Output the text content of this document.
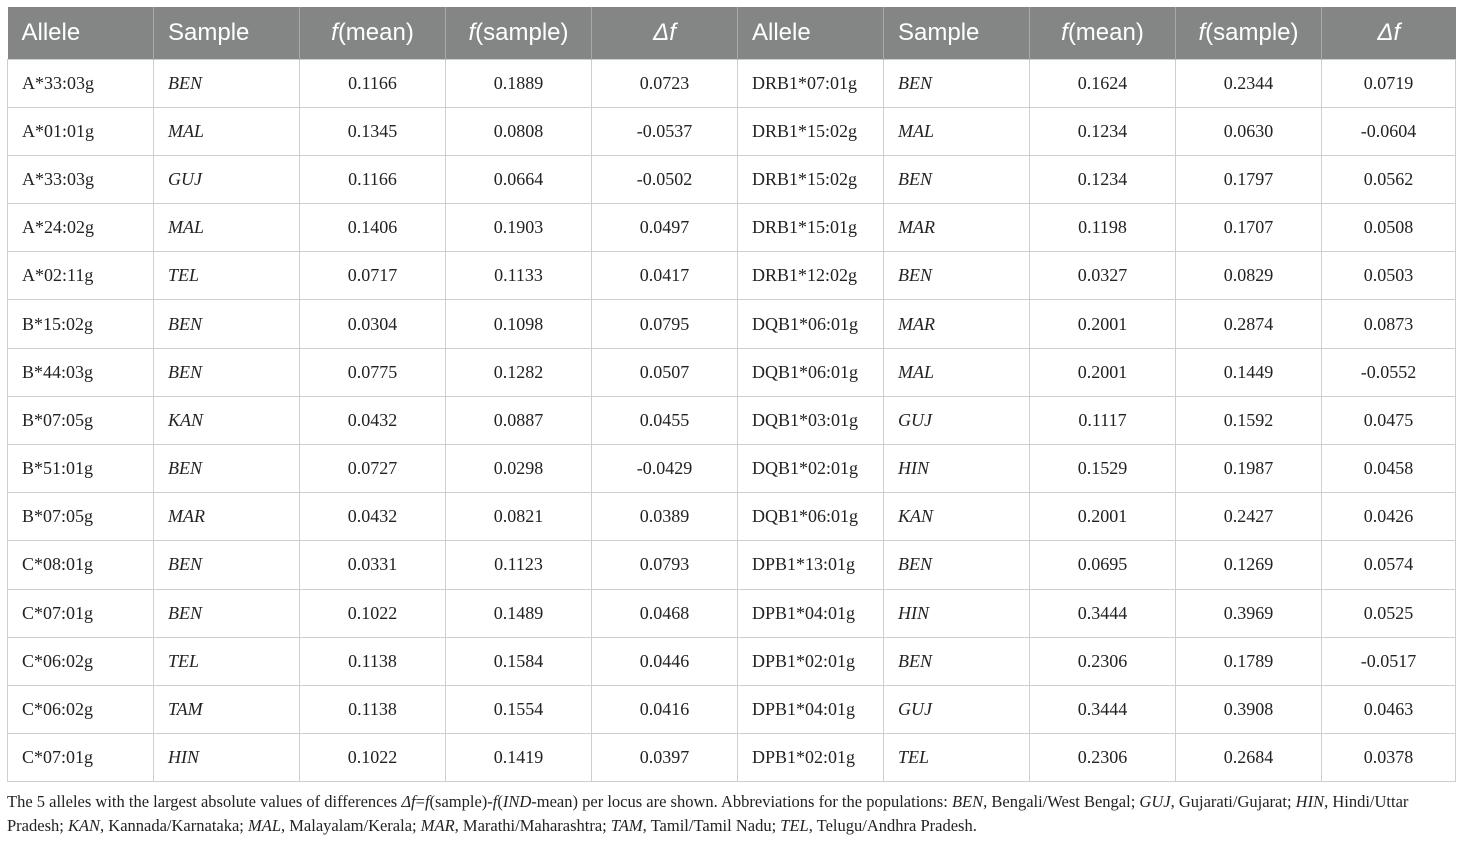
Allele	Sample	f(mean)	f(sample)	Δf	Allele	Sample	f(mean)	f(sample)	Δf
A*33:03g	BEN	0.1166	0.1889	0.0723	DRB1*07:01g	BEN	0.1624	0.2344	0.0719
A*01:01g	MAL	0.1345	0.0808	-0.0537	DRB1*15:02g	MAL	0.1234	0.0630	-0.0604
A*33:03g	GUJ	0.1166	0.0664	-0.0502	DRB1*15:02g	BEN	0.1234	0.1797	0.0562
A*24:02g	MAL	0.1406	0.1903	0.0497	DRB1*15:01g	MAR	0.1198	0.1707	0.0508
A*02:11g	TEL	0.0717	0.1133	0.0417	DRB1*12:02g	BEN	0.0327	0.0829	0.0503
B*15:02g	BEN	0.0304	0.1098	0.0795	DQB1*06:01g	MAR	0.2001	0.2874	0.0873
B*44:03g	BEN	0.0775	0.1282	0.0507	DQB1*06:01g	MAL	0.2001	0.1449	-0.0552
B*07:05g	KAN	0.0432	0.0887	0.0455	DQB1*03:01g	GUJ	0.1117	0.1592	0.0475
B*51:01g	BEN	0.0727	0.0298	-0.0429	DQB1*02:01g	HIN	0.1529	0.1987	0.0458
B*07:05g	MAR	0.0432	0.0821	0.0389	DQB1*06:01g	KAN	0.2001	0.2427	0.0426
C*08:01g	BEN	0.0331	0.1123	0.0793	DPB1*13:01g	BEN	0.0695	0.1269	0.0574
C*07:01g	BEN	0.1022	0.1489	0.0468	DPB1*04:01g	HIN	0.3444	0.3969	0.0525
C*06:02g	TEL	0.1138	0.1584	0.0446	DPB1*02:01g	BEN	0.2306	0.1789	-0.0517
C*06:02g	TAM	0.1138	0.1554	0.0416	DPB1*04:01g	GUJ	0.3444	0.3908	0.0463
C*07:01g	HIN	0.1022	0.1419	0.0397	DPB1*02:01g	TEL	0.2306	0.2684	0.0378
The 5 alleles with the largest absolute values of differences Δf=f(sample)-f(IND-mean) per locus are shown. Abbreviations for the populations: BEN, Bengali/West Bengal; GUJ, Gujarati/Gujarat; HIN, Hindi/Uttar Pradesh; KAN, Kannada/Karnataka; MAL, Malayalam/Kerala; MAR, Marathi/Maharashtra; TAM, Tamil/Tamil Nadu; TEL, Telugu/Andhra Pradesh.
